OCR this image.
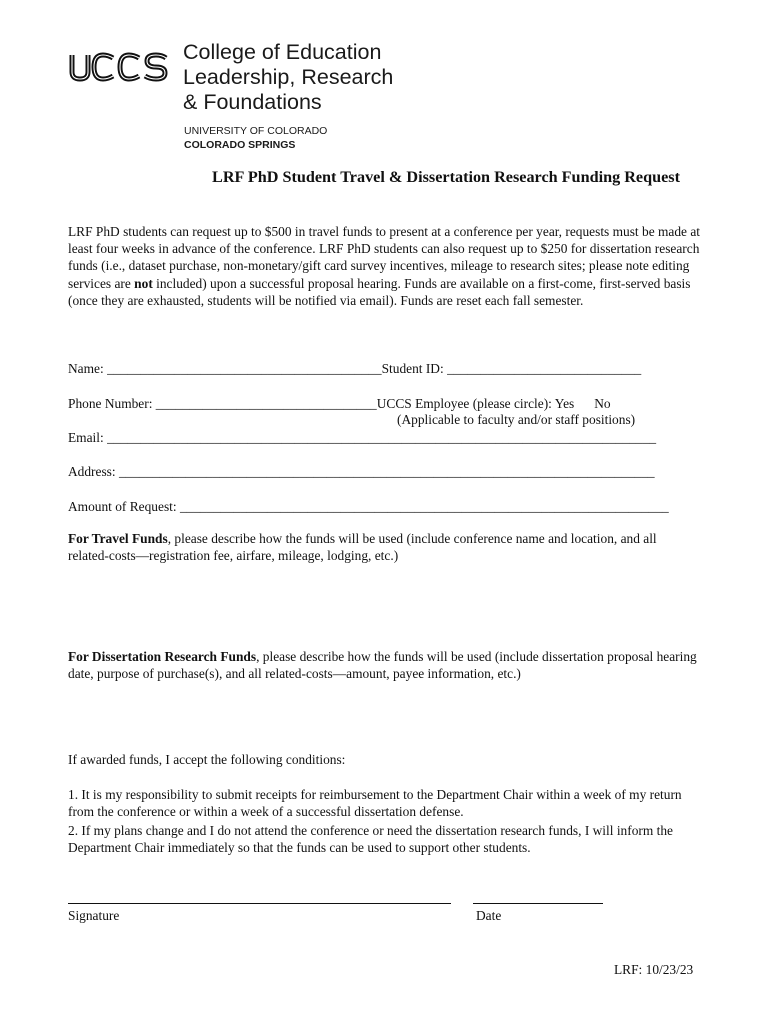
College of Education
Leadership, Research
& Foundations
UNIVERSITY OF COLORADO
COLORADO SPRINGS
LRF PhD Student Travel & Dissertation Research Funding Request
LRF PhD students can request up to $500 in travel funds to present at a conference per year, requests must be made at least four weeks in advance of the conference. LRF PhD students can also request up to $250 for dissertation research funds (i.e., dataset purchase, non-monetary/gift card survey incentives, mileage to research sites; please note editing services are not included) upon a successful proposal hearing. Funds are available on a first-come, first-served basis (once they are exhausted, students will be notified via email). Funds are reset each fall semester.
Name: _________________________________________Student ID: _____________________________
Phone Number: _________________________________UCCS Employee (please circle): Yes No
(Applicable to faculty and/or staff positions)
Email: __________________________________________________________________________________
Address: ________________________________________________________________________________
Amount of Request: _________________________________________________________________________
For Travel Funds, please describe how the funds will be used (include conference name and location, and all related-costs—registration fee, airfare, mileage, lodging, etc.)
For Dissertation Research Funds, please describe how the funds will be used (include dissertation proposal hearing date, purpose of purchase(s), and all related-costs—amount, payee information, etc.)
If awarded funds, I accept the following conditions:
1. It is my responsibility to submit receipts for reimbursement to the Department Chair within a week of my return from the conference or within a week of a successful dissertation defense.
2. If my plans change and I do not attend the conference or need the dissertation research funds, I will inform the Department Chair immediately so that the funds can be used to support other students.
Signature	Date
LRF: 10/23/23
